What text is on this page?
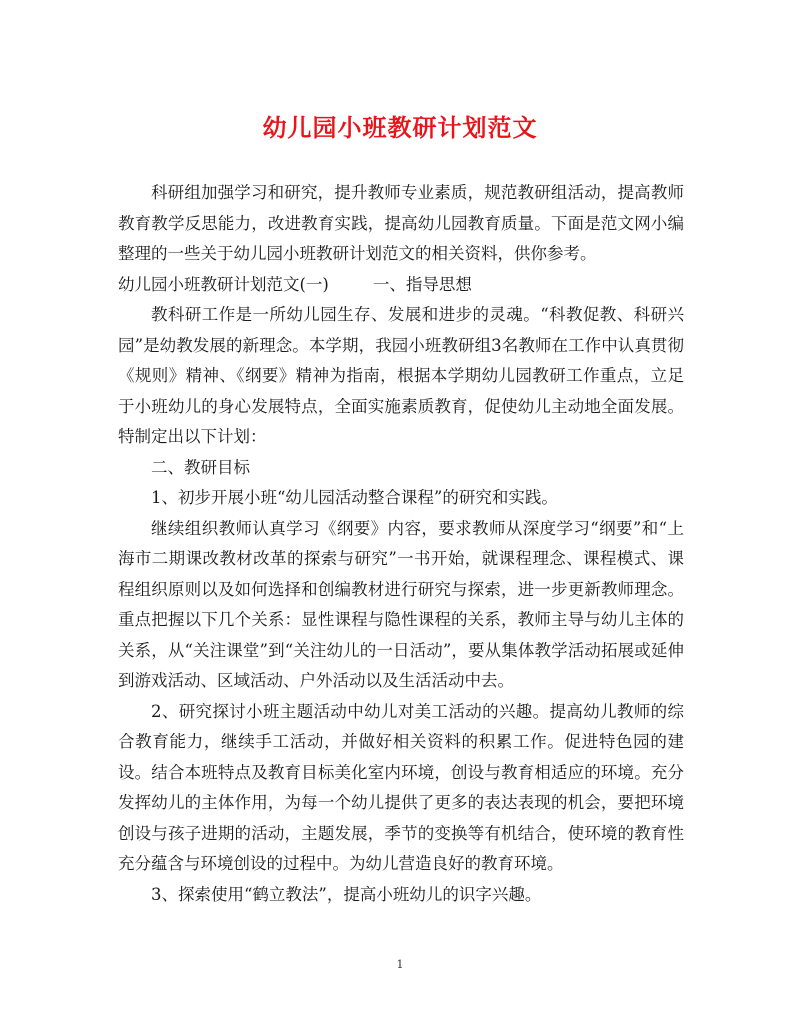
幼儿园小班教研计划范文

科研组加强学习和研究，提升教师专业素质，规范教研组活动，提高教师教育教学反思能力，改进教育实践，提高幼儿园教育质量。下面是范文网小编整理的一些关于幼儿园小班教研计划范文的相关资料，供你参考。

幼儿园小班教研计划范文(一)	一、指导思想

教科研工作是一所幼儿园生存、发展和进步的灵魂。“科教促教、科研兴园”是幼教发展的新理念。本学期，我园小班教研组3名教师在工作中认真贯彻《规则》精神、《纲要》精神为指南，根据本学期幼儿园教研工作重点，立足于小班幼儿的身心发展特点，全面实施素质教育，促使幼儿主动地全面发展。特制定出以下计划：

二、教研目标

1、初步开展小班“幼儿园活动整合课程”的研究和实践。

继续组织教师认真学习《纲要》内容，要求教师从深度学习“纲要”和“上海市二期课改教材改革的探索与研究”一书开始，就课程理念、课程模式、课程组织原则以及如何选择和创编教材进行研究与探索，进一步更新教师理念。重点把握以下几个关系：显性课程与隐性课程的关系，教师主导与幼儿主体的关系，从“关注课堂”到“关注幼儿的一日活动”，要从集体教学活动拓展或延伸到游戏活动、区域活动、户外活动以及生活活动中去。

2、研究探讨小班主题活动中幼儿对美工活动的兴趣。提高幼儿教师的综合教育能力，继续手工活动，并做好相关资料的积累工作。促进特色园的建设。结合本班特点及教育目标美化室内环境，创设与教育相适应的环境。充分发挥幼儿的主体作用，为每一个幼儿提供了更多的表达表现的机会，要把环境创设与孩子进期的活动，主题发展，季节的变换等有机结合，使环境的教育性充分蕴含与环境创设的过程中。为幼儿营造良好的教育环境。

3、探索使用“鹤立教法”，提高小班幼儿的识字兴趣。

1
